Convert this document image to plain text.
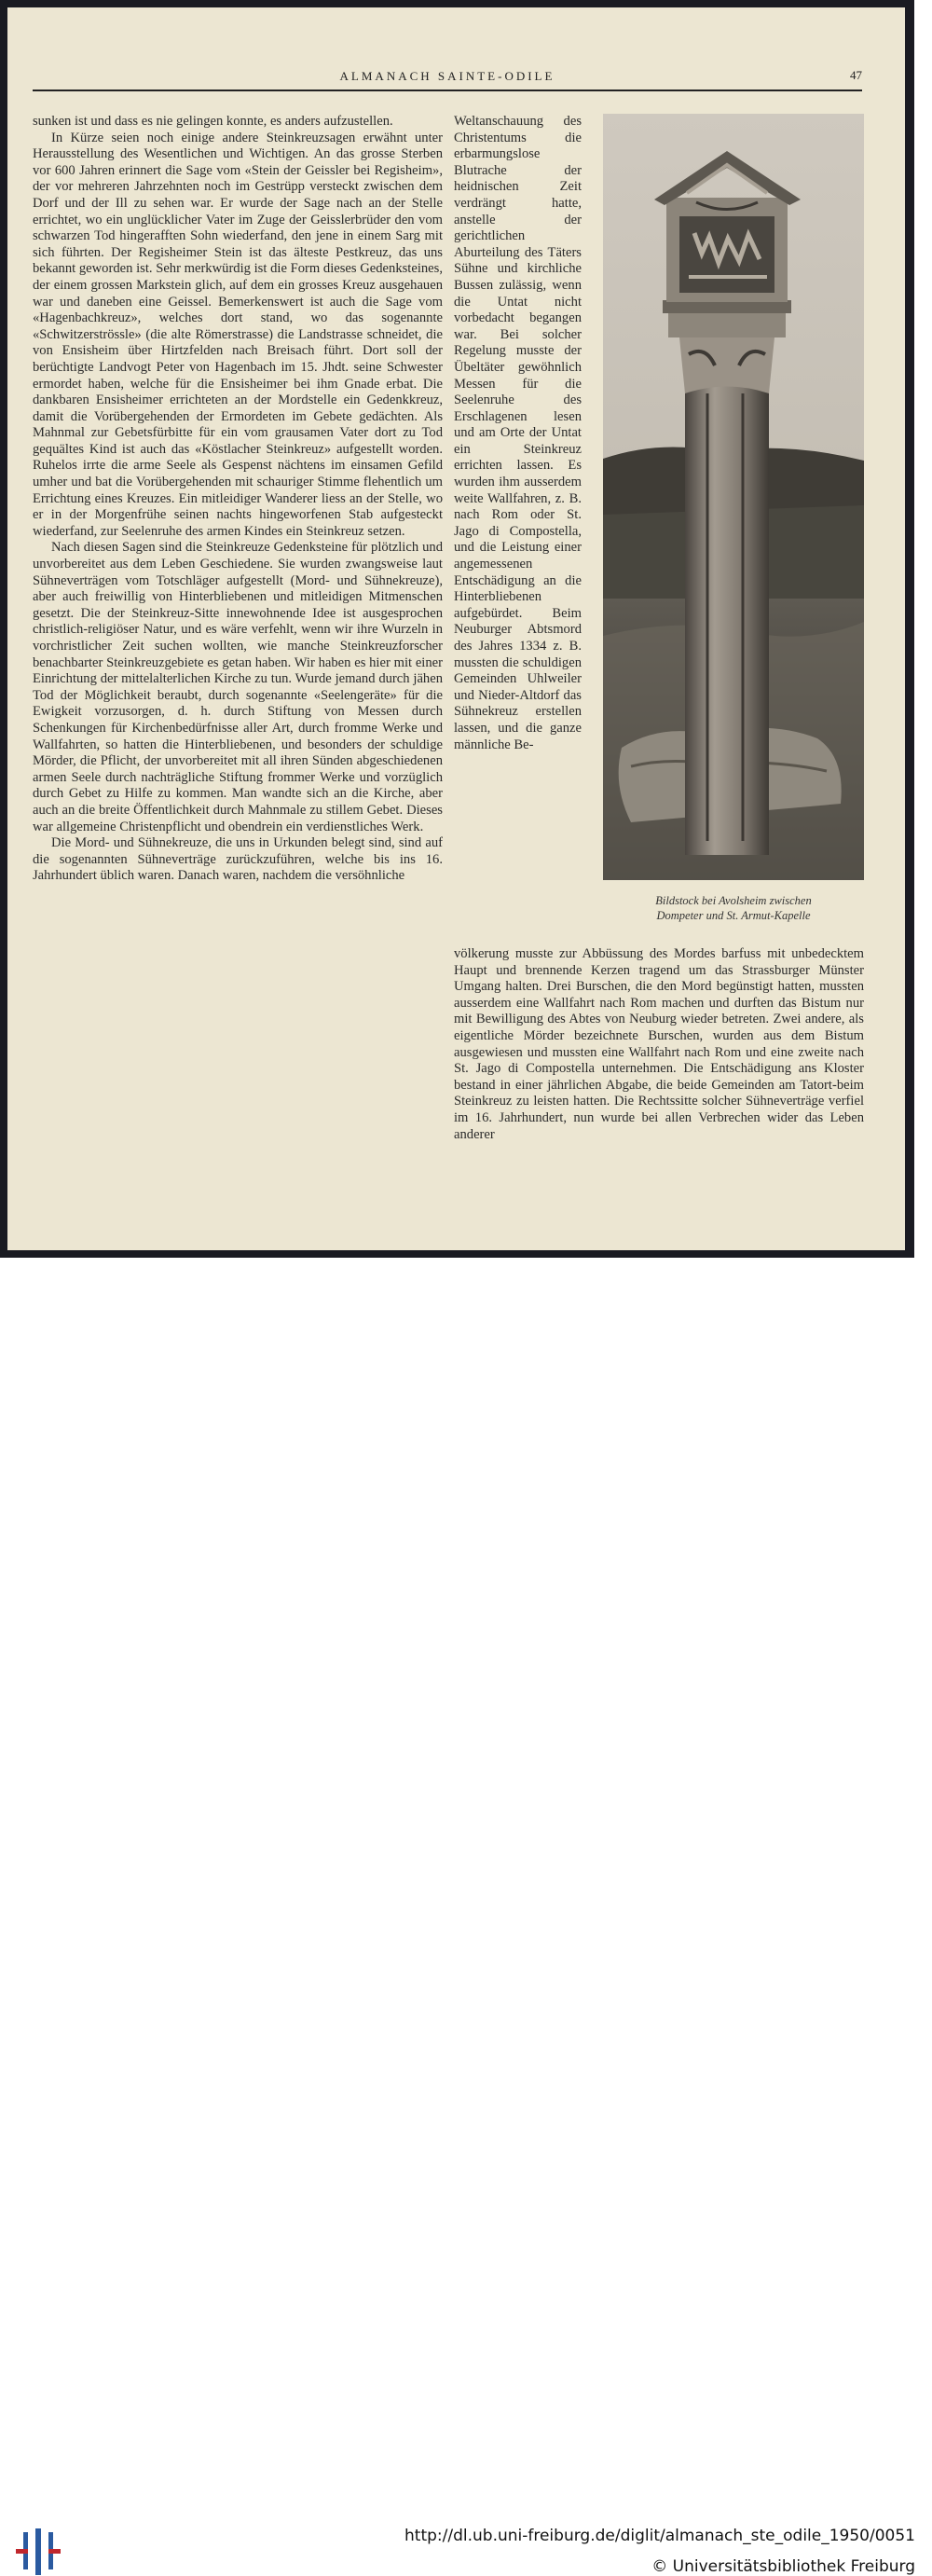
ALMANACH SAINTE-ODILE	47

sunken ist und dass es nie gelingen konnte, es anders aufzustellen.

In Kürze seien noch einige andere Steinkreuzsagen erwähnt unter Herausstellung des Wesentlichen und Wichtigen. An das grosse Sterben vor 600 Jahren erinnert die Sage vom «Stein der Geissler bei Regisheim», der vor mehreren Jahrzehnten noch im Gestrüpp versteckt zwischen dem Dorf und der Ill zu sehen war. Er wurde der Sage nach an der Stelle errichtet, wo ein unglücklicher Vater im Zuge der Geisslerbrüder den vom schwarzen Tod hingerafften Sohn wiederfand, den jene in einem Sarg mit sich führten. Der Regisheimer Stein ist das älteste Pestkreuz, das uns bekannt geworden ist. Sehr merkwürdig ist die Form dieses Gedenksteines, der einem grossen Markstein glich, auf dem ein grosses Kreuz ausgehauen war und daneben eine Geissel. Bemerkenswert ist auch die Sage vom «Hagenbachkreuz», welches dort stand, wo das sogenannte «Schwitzerströssle» (die alte Römerstrasse) die Landstrasse schneidet, die von Ensisheim über Hirtzfelden nach Breisach führt. Dort soll der berüchtigte Landvogt Peter von Hagenbach im 15. Jhdt. seine Schwester ermordet haben, welche für die Ensisheimer bei ihm Gnade erbat. Die dankbaren Ensisheimer errichteten an der Mordstelle ein Gedenkkreuz, damit die Vorübergehenden der Ermordeten im Gebete gedächten. Als Mahnmal zur Gebetsfürbitte für ein vom grausamen Vater dort zu Tod gequältes Kind ist auch das «Köstlacher Steinkreuz» aufgestellt worden. Ruhelos irrte die arme Seele als Gespenst nächtens im einsamen Gefild umher und bat die Vorübergehenden mit schauriger Stimme flehentlich um Errichtung eines Kreuzes. Ein mitleidiger Wanderer liess an der Stelle, wo er in der Morgenfrühe seinen nachts hingeworfenen Stab aufgesteckt wiederfand, zur Seelenruhe des armen Kindes ein Steinkreuz setzen.

Nach diesen Sagen sind die Steinkreuze Gedenksteine für plötzlich und unvorbereitet aus dem Leben Geschiedene. Sie wurden zwangsweise laut Sühneverträgen vom Totschläger aufgestellt (Mord- und Sühnekreuze), aber auch freiwillig von Hinterbliebenen und mitleidigen Mitmenschen gesetzt. Die der Steinkreuz-Sitte innewohnende Idee ist ausgesprochen christlich-religiöser Natur, und es wäre verfehlt, wenn wir ihre Wurzeln in vorchristlicher Zeit suchen wollten, wie manche Steinkreuzforscher benachbarter Steinkreuzgebiete es getan haben. Wir haben es hier mit einer Einrichtung der mittelalterlichen Kirche zu tun. Wurde jemand durch jähen Tod der Möglichkeit beraubt, durch sogenannte «Seelengeräte» für die Ewigkeit vorzusorgen, d. h. durch Stiftung von Messen durch Schenkungen für Kirchenbedürfnisse aller Art, durch fromme Werke und Wallfahrten, so hatten die Hinterbliebenen, und besonders der schuldige Mörder, die Pflicht, der unvorbereitet mit all ihren Sünden abgeschiedenen armen Seele durch nachträgliche Stiftung frommer Werke und vorzüglich durch Gebet zu Hilfe zu kommen. Man wandte sich an die Kirche, aber auch an die breite Öffentlichkeit durch Mahnmale zu stillem Gebet. Dieses war allgemeine Christenpflicht und obendrein ein verdienstliches Werk.

Die Mord- und Sühnekreuze, die uns in Urkunden belegt sind, sind auf die sogenannten Sühneverträge zurückzuführen, welche bis ins 16. Jahrhundert üblich waren. Danach waren, nachdem die versöhnliche

Weltanschauung des Christentums die erbarmungslose Blutrache der heidnischen Zeit verdrängt hatte, anstelle der gerichtlichen Aburteilung des Täters Sühne und kirchliche Bussen zulässig, wenn die Untat nicht vorbedacht begangen war. Bei solcher Regelung musste der Übeltäter gewöhnlich Messen für die Seelenruhe des Erschlagenen lesen und am Orte der Untat ein Steinkreuz errichten lassen. Es wurden ihm ausserdem weite Wallfahren, z. B. nach Rom oder St. Jago di Compostella, und die Leistung einer angemessenen Entschädigung an die Hinterbliebenen aufgebürdet. Beim Neuburger Abtsmord des Jahres 1334 z. B. mussten die schuldigen Gemeinden Uhlweiler und Nieder-Altdorf das Sühnekreuz erstellen lassen, und die ganze männliche Be-

Bildstock bei Avolsheim zwischen
Dompeter und St. Armut-Kapelle

völkerung musste zur Abbüssung des Mordes barfuss mit unbedecktem Haupt und brennende Kerzen tragend um das Strassburger Münster Umgang halten. Drei Burschen, die den Mord begünstigt hatten, mussten ausserdem eine Wallfahrt nach Rom machen und durften das Bistum nur mit Bewilligung des Abtes von Neuburg wieder betreten. Zwei andere, als eigentliche Mörder bezeichnete Burschen, wurden aus dem Bistum ausgewiesen und mussten eine Wallfahrt nach Rom und eine zweite nach St. Jago di Compostella unternehmen. Die Entschädigung ans Kloster bestand in einer jährlichen Abgabe, die beide Gemeinden am Tatort-beim Steinkreuz zu leisten hatten. Die Rechtssitte solcher Sühneverträge verfiel im 16. Jahrhundert, nun wurde bei allen Verbrechen wider das Leben anderer

http://dl.ub.uni-freiburg.de/diglit/almanach_ste_odile_1950/0051
© Universitätsbibliothek Freiburg
